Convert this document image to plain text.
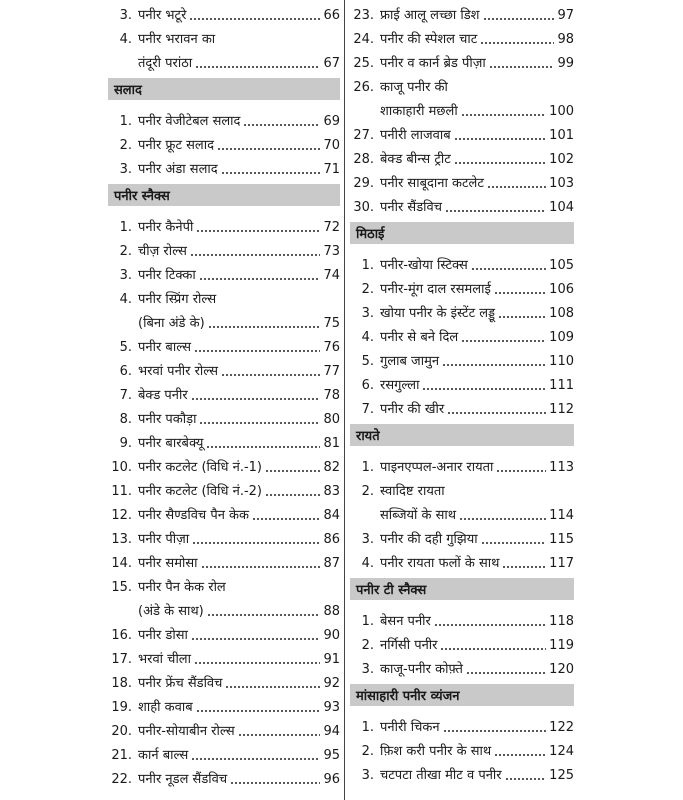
3. पनीर भटूरे	66
4. पनीर भरावन का
तंदूरी परांठा	67
सलाद
1. पनीर वेजीटेबल सलाद	69
2. पनीर फ्रूट सलाद	70
3. पनीर अंडा सलाद	71
पनीर स्नैक्स
1. पनीर कैनेपी	72
2. चीज़ रोल्स	73
3. पनीर टिक्का	74
4. पनीर स्प्रिंग रोल्स
(बिना अंडे के)	75
5. पनीर बाल्स	76
6. भरवां पनीर रोल्स	77
7. बेक्ड पनीर	78
8. पनीर पकौड़ा	80
9. पनीर बारबेक्यू	81
10. पनीर कटलेट (विधि नं.-1)	82
11. पनीर कटलेट (विधि नं.-2)	83
12. पनीर सैण्डविच पैन केक	84
13. पनीर पीज़ा	86
14. पनीर समोसा	87
15. पनीर पैन केक रोल
(अंडे के साथ)	88
16. पनीर डोसा	90
17. भरवां चीला	91
18. पनीर फ्रेंच सैंडविच	92
19. शाही कवाब	93
20. पनीर-सोयाबीन रोल्स	94
21. कार्न बाल्स	95
22. पनीर नूडल सैंडविच	96
23. फ्राई आलू लच्छा डिश	97
24. पनीर की स्पेशल चाट	98
25. पनीर व कार्न ब्रेड पीज़ा	99
26. काजू पनीर की
शाकाहारी मछली	100
27. पनीरी लाजवाब	101
28. बेक्ड बीन्स ट्रीट	102
29. पनीर साबूदाना कटलेट	103
30. पनीर सैंडविच	104
मिठाई
1. पनीर-खोया स्टिक्स	105
2. पनीर-मूंग दाल रसमलाई	106
3. खोया पनीर के इंस्टेंट लड्डू	108
4. पनीर से बने दिल	109
5. गुलाब जामुन	110
6. रसगुल्ला	111
7. पनीर की खीर	112
रायते
1. पाइनएप्पल-अनार रायता	113
2. स्वादिष्ट रायता
सब्जियों के साथ	114
3. पनीर की दही गुझिया	115
4. पनीर रायता फलों के साथ	117
पनीर टी स्नैक्स
1. बेसन पनीर	118
2. नर्गिसी पनीर	119
3. काजू-पनीर कोफ़्ते	120
मांसाहारी पनीर व्यंजन
1. पनीरी चिकन	122
2. फ़िश करी पनीर के साथ	124
3. चटपटा तीखा मीट व पनीर	125
